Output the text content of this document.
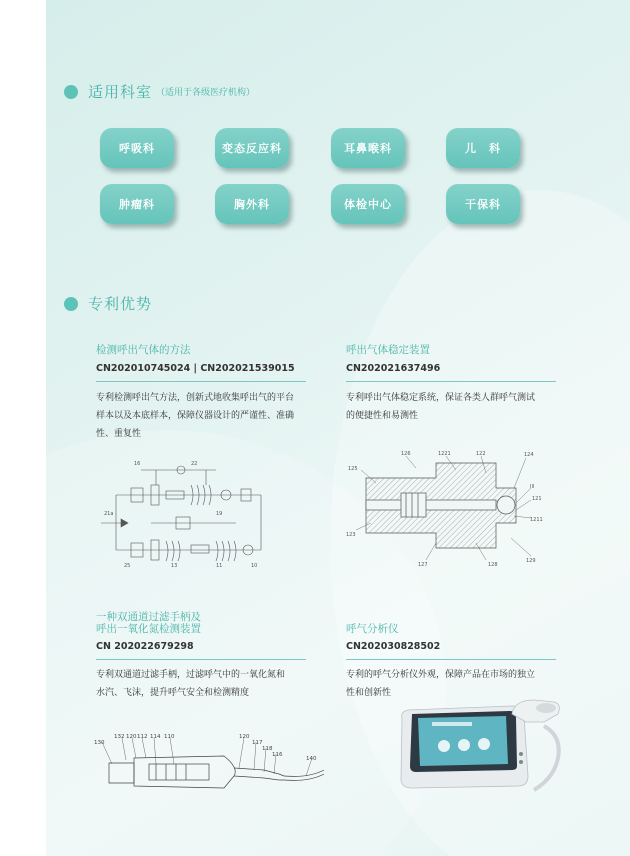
适用科室 （适用于各级医疗机构）
呼吸科	变态反应科	耳鼻喉科	儿　科
肿瘤科	胸外科	体检中心	干保科
专利优势
检测呼出气体的方法
CN202010745024 | CN202021539015
专利检测呼出气方法，创新式地收集呼出气的平台
样本以及本底样本，保障仪器设计的严谨性、准确
性、重复性
16	22
21a	19
25	13	11	10
呼出气体稳定装置
CN202021637496
专利呼出气体稳定系统，保证各类人群呼气测试
的便捷性和易测性
126	1221	122	124
125
III
121
1211
123
127	128
129
一种双通道过滤手柄及
呼出一氧化氮检测装置
CN 202022679298
专利双通道过滤手柄，过滤呼气中的一氧化氮和
水汽、飞沫，提升呼气安全和检测精度
130
132 120 112 114 110	120
117
118
116
140
呼气分析仪
CN202030828502
专利的呼气分析仪外观，保障产品在市场的独立
性和创新性
